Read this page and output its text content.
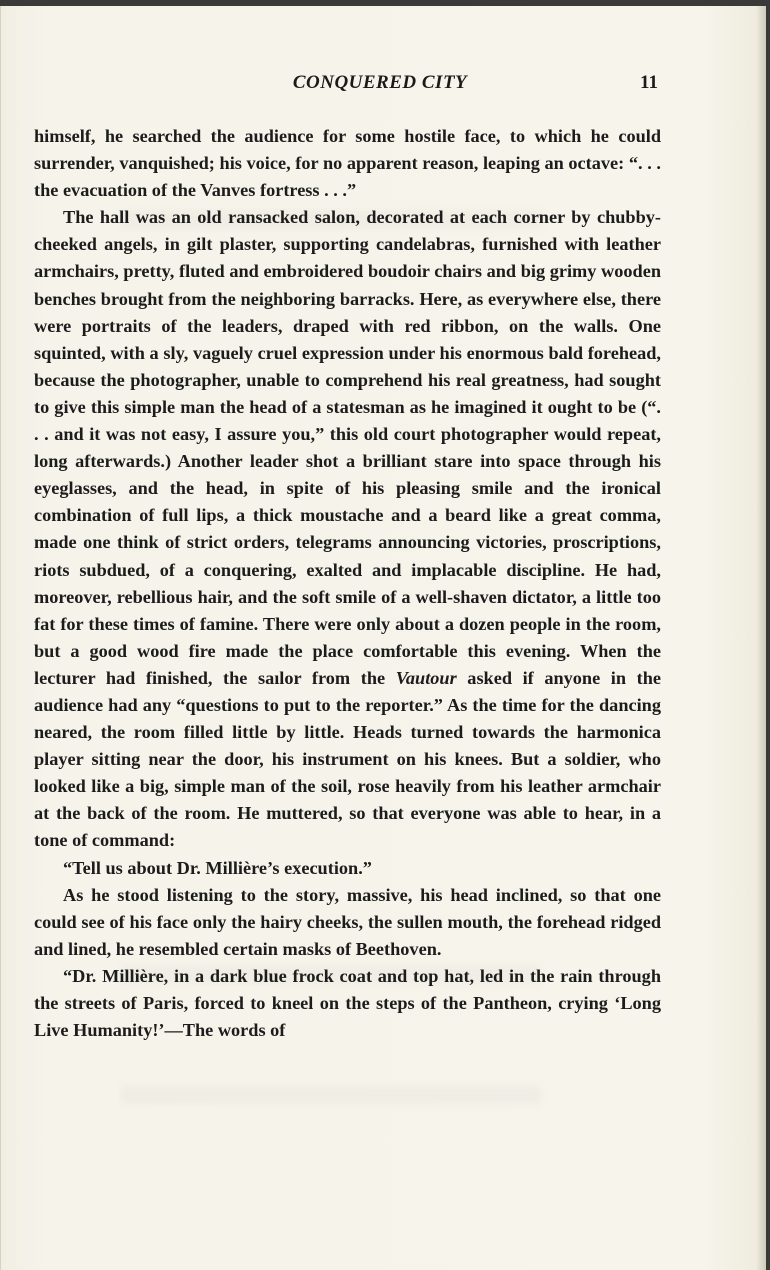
CONQUERED CITY	11

himself, he searched the audience for some hostile face, to which he could surrender, vanquished; his voice, for no apparent reason, leaping an octave: “. . . the evacuation of the Vanves fortress . . .”

The hall was an old ransacked salon, decorated at each corner by chubby-cheeked angels, in gilt plaster, supporting candelabras, furnished with leather armchairs, pretty, fluted and embroidered boudoir chairs and big grimy wooden benches brought from the neighboring barracks. Here, as everywhere else, there were portraits of the leaders, draped with red ribbon, on the walls. One squinted, with a sly, vaguely cruel expression under his enormous bald forehead, because the photographer, unable to comprehend his real greatness, had sought to give this simple man the head of a statesman as he imagined it ought to be (“. . . and it was not easy, I assure you,” this old court photographer would repeat, long afterwards.) Another leader shot a brilliant stare into space through his eyeglasses, and the head, in spite of his pleasing smile and the ironical combination of full lips, a thick moustache and a beard like a great comma, made one think of strict orders, telegrams announcing victories, proscriptions, riots subdued, of a conquering, exalted and implacable discipline. He had, moreover, rebellious hair, and the soft smile of a well-shaven dictator, a little too fat for these times of famine. There were only about a dozen people in the room, but a good wood fire made the place comfortable this evening. When the lecturer had finished, the saılor from the Vautour asked if anyone in the audience had any “questions to put to the reporter.” As the time for the dancing neared, the room filled little by little. Heads turned towards the harmonica player sitting near the door, his instrument on his knees. But a soldier, who looked like a big, simple man of the soil, rose heavily from his leather armchair at the back of the room. He muttered, so that everyone was able to hear, in a tone of command:

“Tell us about Dr. Millière’s execution.”

As he stood listening to the story, massive, his head inclined, so that one could see of his face only the hairy cheeks, the sullen mouth, the forehead ridged and lined, he resembled certain masks of Beethoven.

“Dr. Millière, in a dark blue frock coat and top hat, led in the rain through the streets of Paris, forced to kneel on the steps of the Pantheon, crying ‘Long Live Humanity!’—The words of
